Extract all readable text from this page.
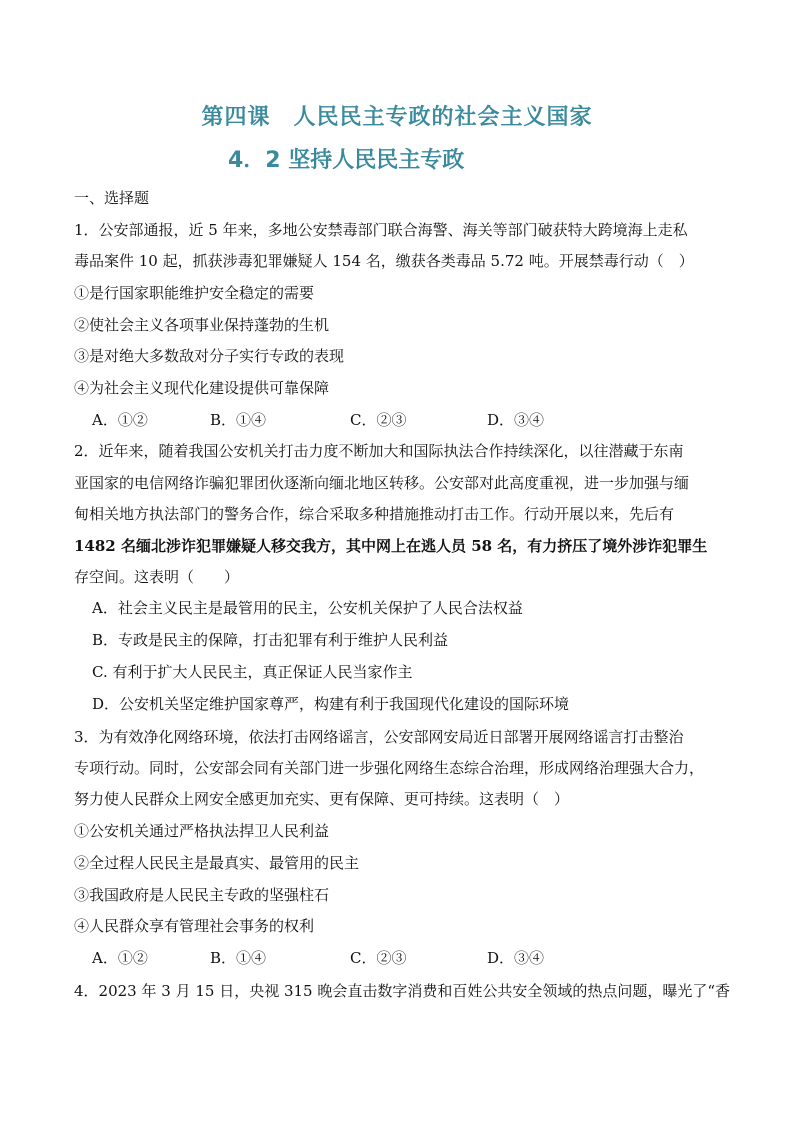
第四课　人民民主专政的社会主义国家
4．2 坚持人民民主专政
一、选择题
1．公安部通报，近 5 年来，多地公安禁毒部门联合海警、海关等部门破获特大跨境海上走私
毒品案件 10 起，抓获涉毒犯罪嫌疑人 154 名，缴获各类毒品 5.72 吨。开展禁毒行动（　）
①是行国家职能维护安全稳定的需要
②使社会主义各项事业保持蓬勃的生机
③是对绝大多数敌对分子实行专政的表现
④为社会主义现代化建设提供可靠保障
A．①②	B．①④	C．②③	D．③④
2．近年来，随着我国公安机关打击力度不断加大和国际执法合作持续深化，以往潜藏于东南
亚国家的电信网络诈骗犯罪团伙逐渐向缅北地区转移。公安部对此高度重视，进一步加强与缅
甸相关地方执法部门的警务合作，综合采取多种措施推动打击工作。行动开展以来，先后有
1482 名缅北涉诈犯罪嫌疑人移交我方，其中网上在逃人员 58 名，有力挤压了境外涉诈犯罪生
存空间。这表明（　　）
A．社会主义民主是最管用的民主，公安机关保护了人民合法权益
B．专政是民主的保障，打击犯罪有利于维护人民利益
C. 有利于扩大人民民主，真正保证人民当家作主
D．公安机关坚定维护国家尊严，构建有利于我国现代化建设的国际环境
3．为有效净化网络环境，依法打击网络谣言，公安部网安局近日部署开展网络谣言打击整治
专项行动。同时，公安部会同有关部门进一步强化网络生态综合治理，形成网络治理强大合力，
努力使人民群众上网安全感更加充实、更有保障、更可持续。这表明（　）
①公安机关通过严格执法捍卫人民利益
②全过程人民民主是最真实、最管用的民主
③我国政府是人民民主专政的坚强柱石
④人民群众享有管理社会事务的权利
A．①②	B．①④	C．②③	D．③④
4．2023 年 3 月 15 日，央视 315 晚会直击数字消费和百姓公共安全领域的热点问题，曝光了“香
